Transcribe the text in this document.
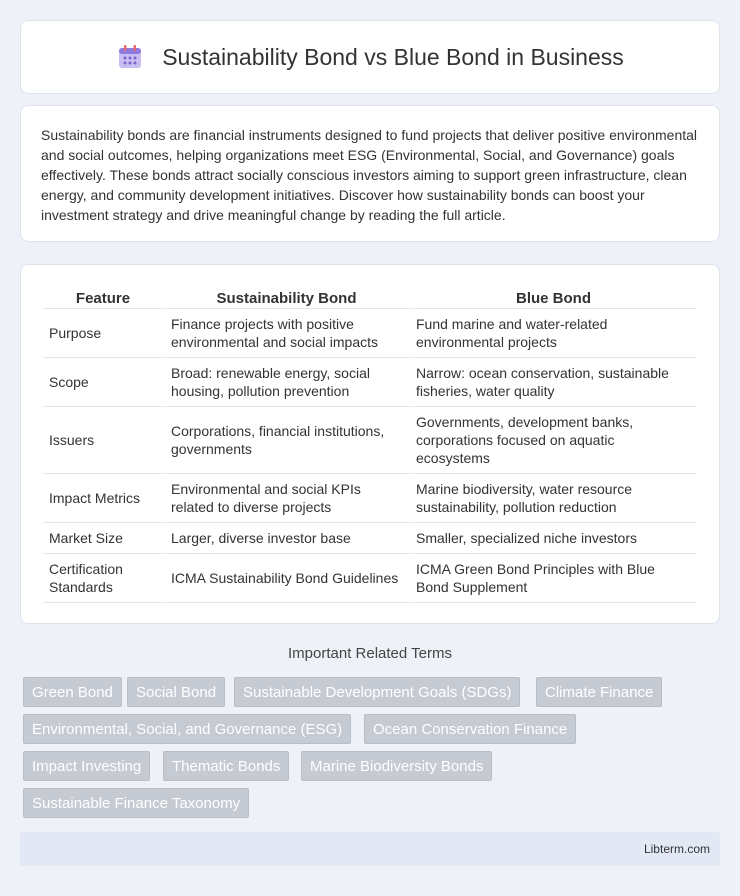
Sustainability Bond vs Blue Bond in Business

Sustainability bonds are financial instruments designed to fund projects that deliver positive environmental and social outcomes, helping organizations meet ESG (Environmental, Social, and Governance) goals effectively. These bonds attract socially conscious investors aiming to support green infrastructure, clean energy, and community development initiatives. Discover how sustainability bonds can boost your investment strategy and drive meaningful change by reading the full article.

Feature	Sustainability Bond	Blue Bond
Purpose	Finance projects with positive environmental and social impacts	Fund marine and water-related environmental projects
Scope	Broad: renewable energy, social housing, pollution prevention	Narrow: ocean conservation, sustainable fisheries, water quality
Issuers	Corporations, financial institutions, governments	Governments, development banks, corporations focused on aquatic ecosystems
Impact Metrics	Environmental and social KPIs related to diverse projects	Marine biodiversity, water resource sustainability, pollution reduction
Market Size	Larger, diverse investor base	Smaller, specialized niche investors
Certification Standards	ICMA Sustainability Bond Guidelines	ICMA Green Bond Principles with Blue Bond Supplement
Important Related Terms
Green Bond	Social Bond	Sustainable Development Goals (SDGs)	Climate Finance
Environmental, Social, and Governance (ESG)	Ocean Conservation Finance
Impact Investing	Thematic Bonds	Marine Biodiversity Bonds
Sustainable Finance Taxonomy
Libterm.com
